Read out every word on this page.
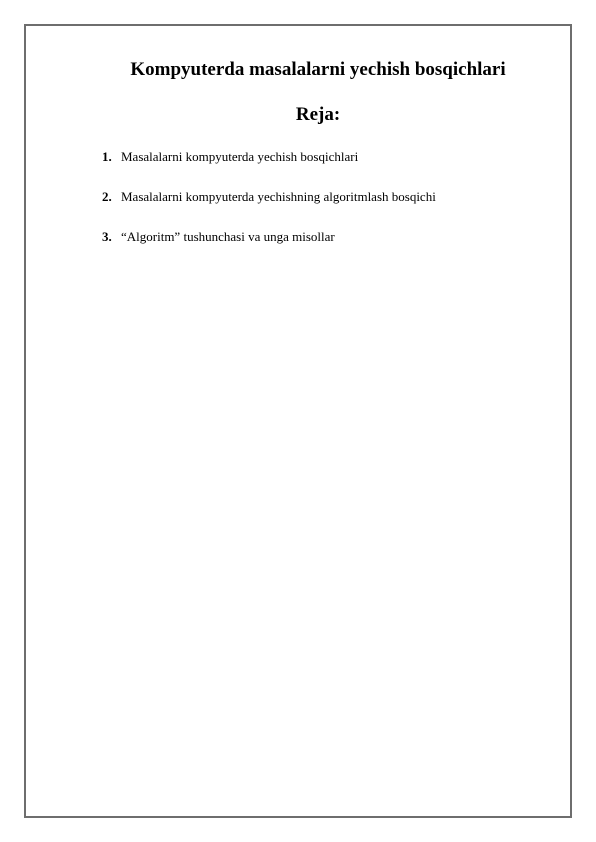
Kompyuterda masalalarni yechish bosqichlari
Reja:
1. Masalalarni kompyuterda yechish bosqichlari
2. Masalalarni kompyuterda yechishning algoritmlash bosqichi
3. “Algoritm” tushunchasi va unga misollar
